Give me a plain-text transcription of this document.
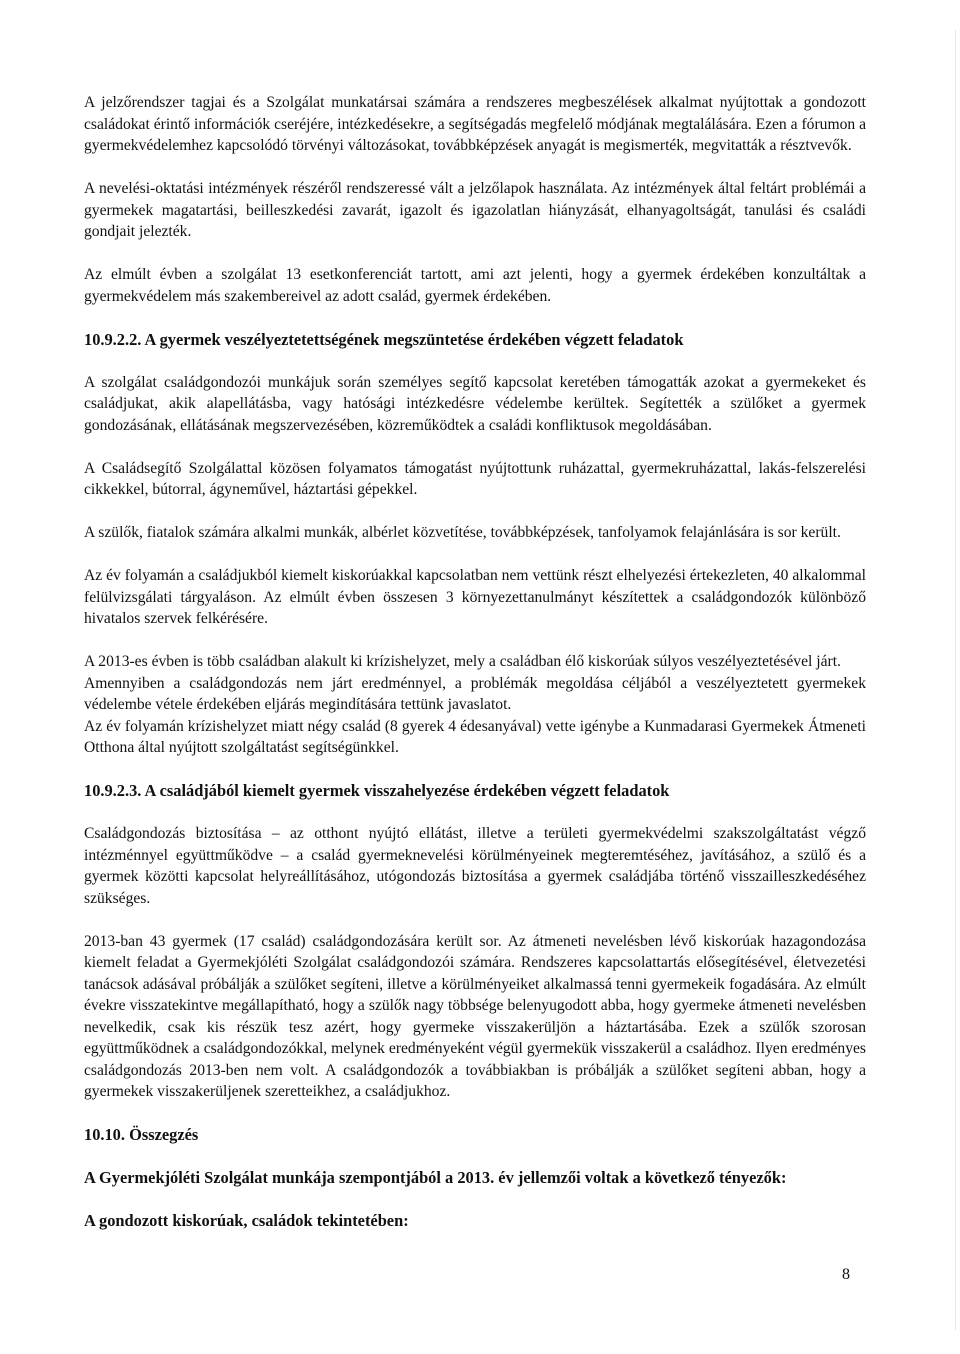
A jelzőrendszer tagjai és a Szolgálat munkatársai számára a rendszeres megbeszélések alkalmat nyújtottak a gondozott családokat érintő információk cseréjére, intézkedésekre, a segítségadás megfelelő módjának megtalálására. Ezen a fórumon a gyermekvédelemhez kapcsolódó törvényi változásokat, továbbképzések anyagát is megismerték, megvitatták a résztvevők.

A nevelési-oktatási intézmények részéről rendszeressé vált a jelzőlapok használata. Az intézmények által feltárt problémái a gyermekek magatartási, beilleszkedési zavarát, igazolt és igazolatlan hiányzását, elhanyagoltságát, tanulási és családi gondjait jelezték.

Az elmúlt évben a szolgálat 13 esetkonferenciát tartott, ami azt jelenti, hogy a gyermek érdekében konzultáltak a gyermekvédelem más szakembereivel az adott család, gyermek érdekében.

10.9.2.2. A gyermek veszélyeztetettségének megszüntetése érdekében végzett feladatok

A szolgálat családgondozói munkájuk során személyes segítő kapcsolat keretében támogatták azokat a gyermekeket és családjukat, akik alapellátásba, vagy hatósági intézkedésre védelembe kerültek. Segítették a szülőket a gyermek gondozásának, ellátásának megszervezésében, közreműködtek a családi konfliktusok megoldásában.

A Családsegítő Szolgálattal közösen folyamatos támogatást nyújtottunk ruházattal, gyermekruházattal, lakás-felszerelési cikkekkel, bútorral, ágyneművel, háztartási gépekkel.

A szülők, fiatalok számára alkalmi munkák, albérlet közvetítése, továbbképzések, tanfolyamok felajánlására is sor került.

Az év folyamán a családjukból kiemelt kiskorúakkal kapcsolatban nem vettünk részt elhelyezési értekezleten, 40 alkalommal felülvizsgálati tárgyaláson. Az elmúlt évben összesen 3 környezettanulmányt készítettek a családgondozók különböző hivatalos szervek felkérésére.

A 2013-es évben is több családban alakult ki krízishelyzet, mely a családban élő kiskorúak súlyos veszélyeztetésével járt.

Amennyiben a családgondozás nem járt eredménnyel, a problémák megoldása céljából a veszélyeztetett gyermekek védelembe vétele érdekében eljárás megindítására tettünk javaslatot.

Az év folyamán krízishelyzet miatt négy család (8 gyerek 4 édesanyával) vette igénybe a Kunmadarasi Gyermekek Átmeneti Otthona által nyújtott szolgáltatást segítségünkkel.

10.9.2.3. A családjából kiemelt gyermek visszahelyezése érdekében végzett feladatok

Családgondozás biztosítása – az otthont nyújtó ellátást, illetve a területi gyermekvédelmi szakszolgáltatást végző intézménnyel együttműködve – a család gyermeknevelési körülményeinek megteremtéséhez, javításához, a szülő és a gyermek közötti kapcsolat helyreállításához, utógondozás biztosítása a gyermek családjába történő visszailleszkedéséhez szükséges.

2013-ban 43 gyermek (17 család) családgondozására került sor. Az átmeneti nevelésben lévő kiskorúak hazagondozása kiemelt feladat a Gyermekjóléti Szolgálat családgondozói számára. Rendszeres kapcsolattartás elősegítésével, életvezetési tanácsok adásával próbálják a szülőket segíteni, illetve a körülményeiket alkalmassá tenni gyermekeik fogadására. Az elmúlt évekre visszatekintve megállapítható, hogy a szülők nagy többsége belenyugodott abba, hogy gyermeke átmeneti nevelésben nevelkedik, csak kis részük tesz azért, hogy gyermeke visszakerüljön a háztartásába. Ezek a szülők szorosan együttműködnek a családgondozókkal, melynek eredményeként végül gyermekük visszakerül a családhoz. Ilyen eredményes családgondozás 2013-ben nem volt. A családgondozók a továbbiakban is próbálják a szülőket segíteni abban, hogy a gyermekek visszakerüljenek szeretteikhez, a családjukhoz.

10.10. Összegzés

A Gyermekjóléti Szolgálat munkája szempontjából a 2013. év jellemzői voltak a következő tényezők:

A gondozott kiskorúak, családok tekintetében:

8
